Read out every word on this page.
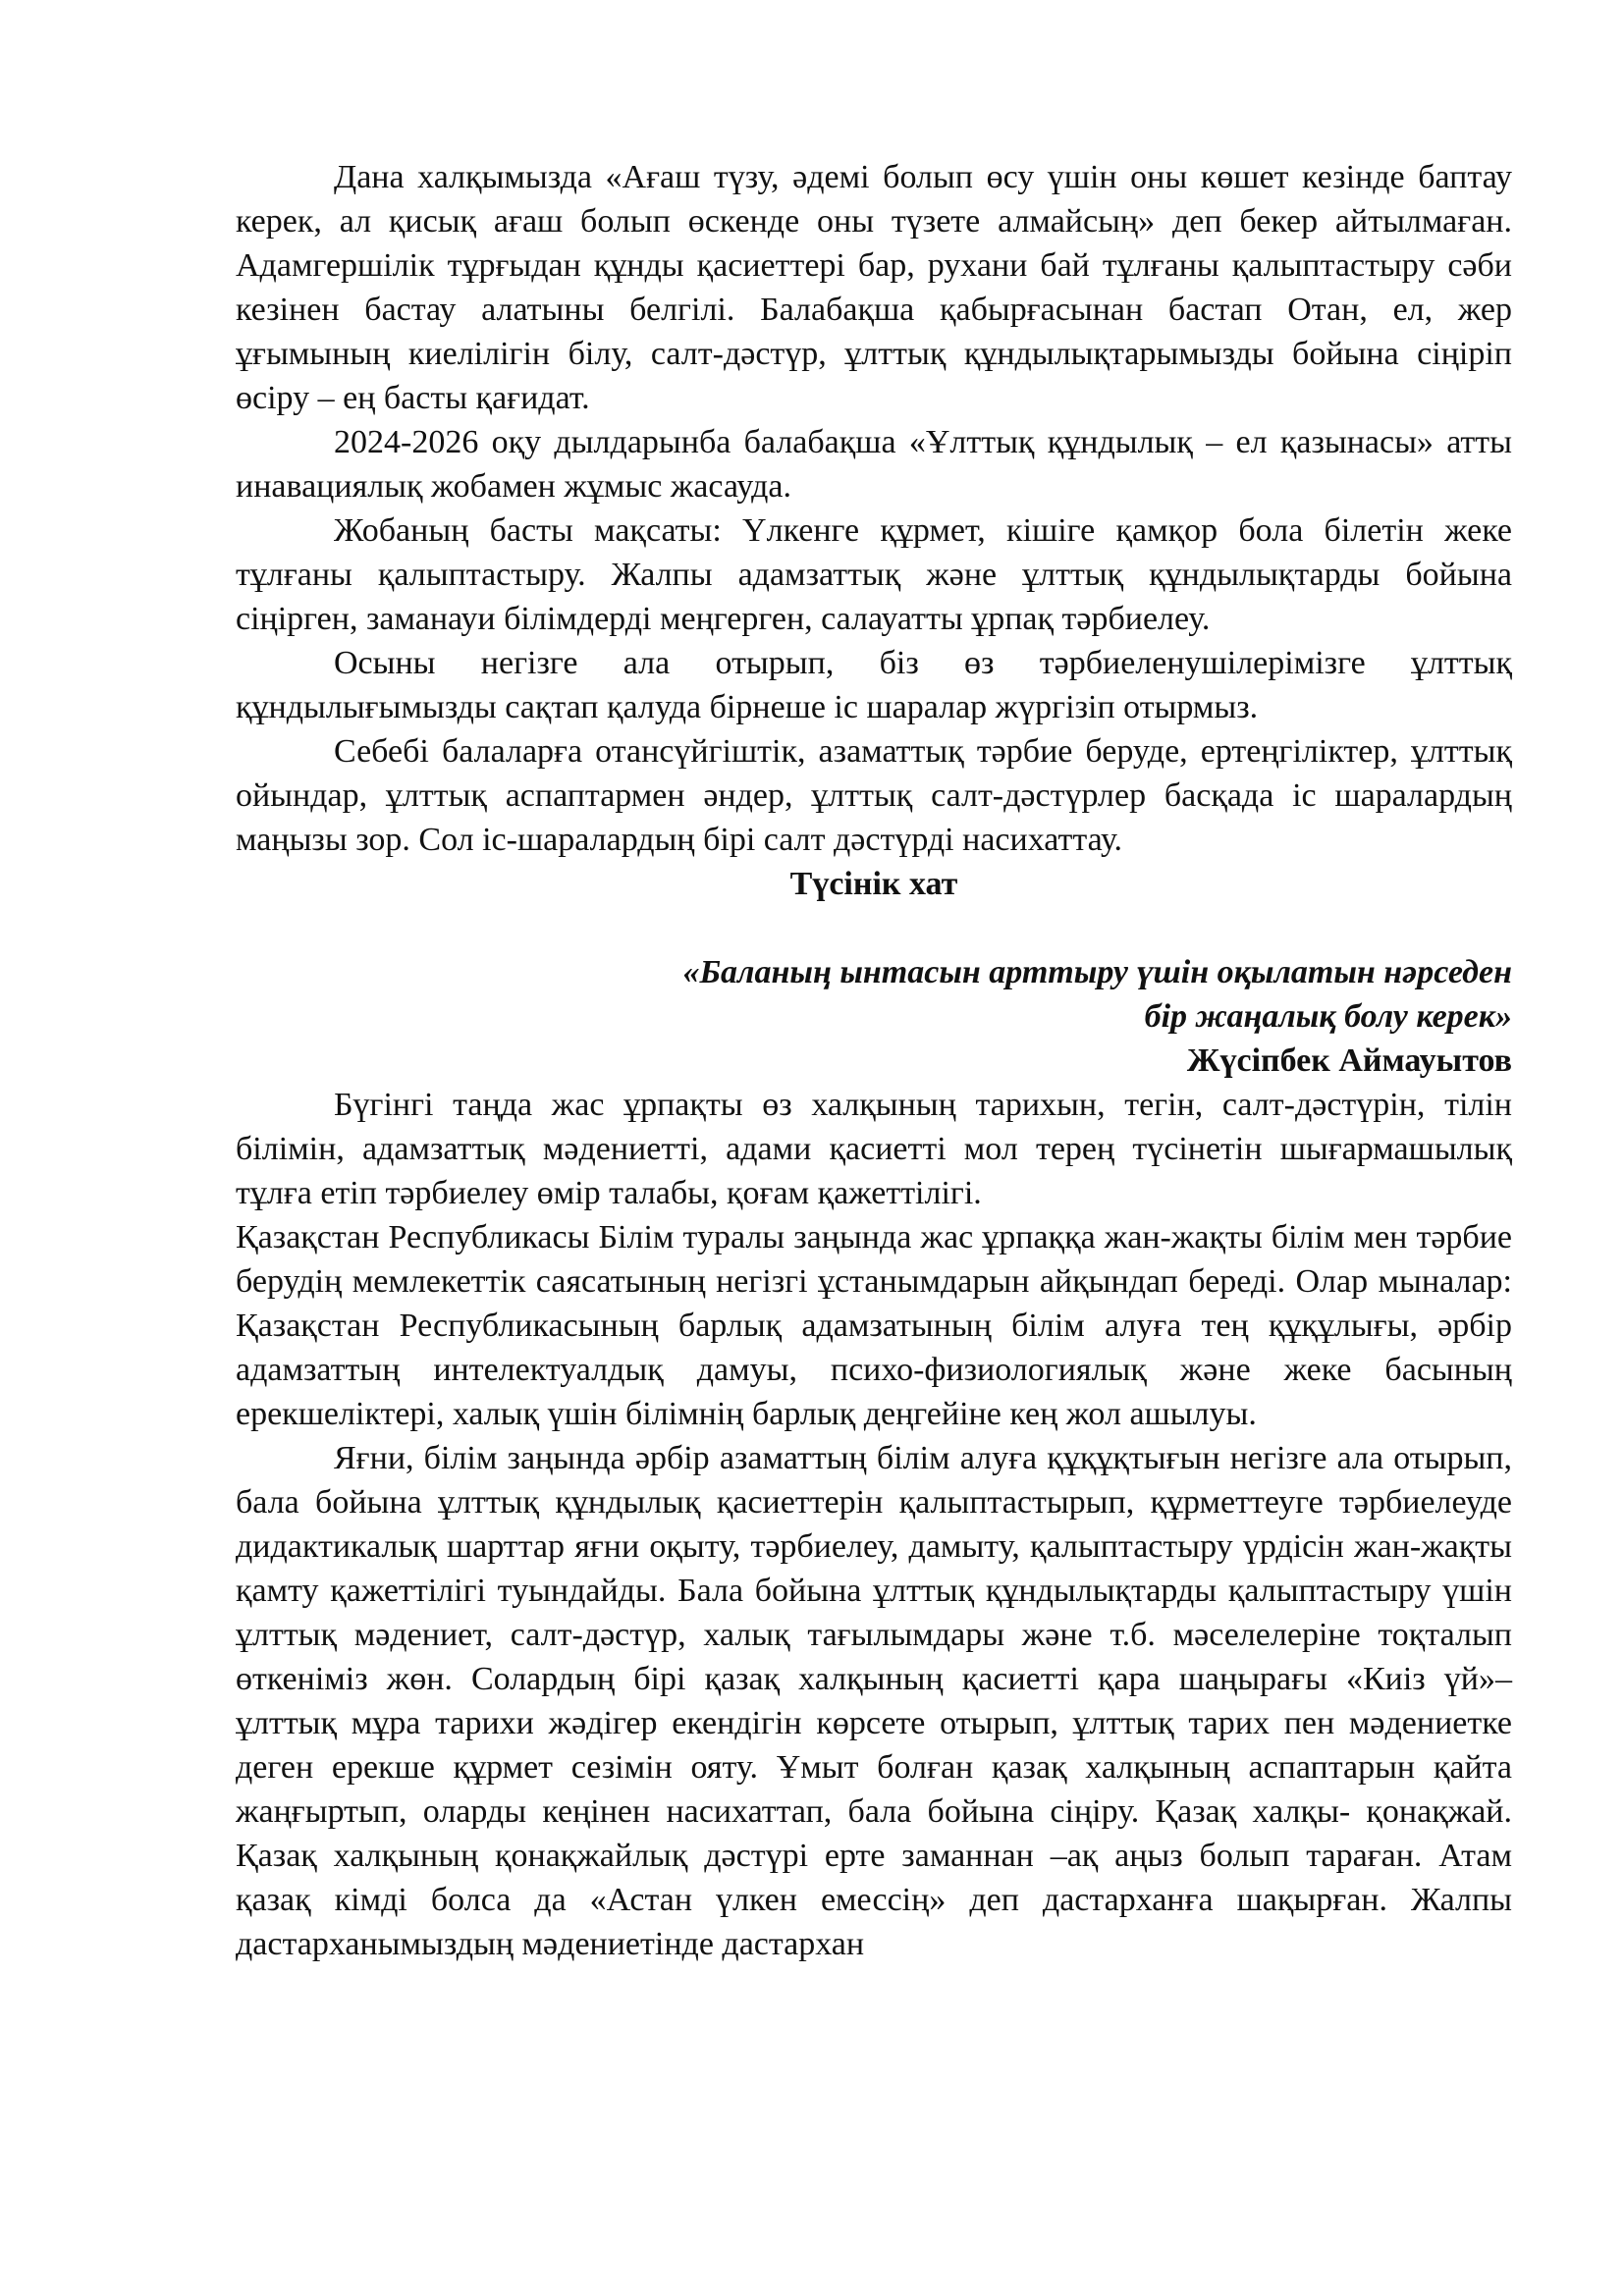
Дана халқымызда «Ағаш түзу, әдемі болып өсу үшін оны көшет кезінде баптау керек, ал қисық ағаш болып өскенде оны түзете алмайсың» деп бекер айтылмаған. Адамгершілік тұрғыдан құнды қасиеттері бар, рухани бай тұлғаны қалыптастыру сәби кезінен бастау алатыны белгілі. Балабақша қабырғасынан бастап Отан, ел, жер ұғымының киелілігін білу, салт-дәстүр, ұлттық құндылықтарымызды бойына сіңіріп өсіру – ең басты қағидат.

2024-2026 оқу дылдарынба балабақша «Ұлттық құндылық – ел қазынасы» атты инавациялық жобамен жұмыс жасауда.

Жобаның басты мақсаты: Үлкенге құрмет, кішіге қамқор бола білетін жеке тұлғаны қалыптастыру. Жалпы адамзаттық және ұлттық құндылықтарды бойына сіңірген, заманауи білімдерді меңгерген, салауатты ұрпақ тәрбиелеу.

Осыны негізге ала отырып, біз өз тәрбиеленушілерімізге ұлттық құндылығымызды сақтап қалуда бірнеше іс шаралар жүргізіп отырмыз.

Себебі балаларға отансүйгіштік, азаматтық тәрбие беруде, ертеңгіліктер, ұлттық ойындар, ұлттық аспаптармен әндер, ұлттық салт-дәстүрлер басқада іс шаралардың маңызы зор. Сол іс-шаралардың бірі салт дәстүрді насихаттау.

Түсінік хат

«Баланың ынтасын арттыру үшін оқылатын нәрседен
бір жаңалық болу керек»

Жүсіпбек Аймауытов

Бүгінгі таңда жас ұрпақты өз халқының тарихын, тегін, салт-дәстүрін, тілін білімін, адамзаттық мәдениетті, адами қасиетті мол терең түсінетін шығармашылық тұлға етіп тәрбиелеу өмір талабы, қоғам қажеттілігі.

Қазақстан Республикасы Білім туралы заңында жас ұрпаққа жан-жақты білім мен тәрбие берудің мемлекеттік саясатының негізгі ұстанымдарын айқындап береді. Олар мыналар: Қазақстан Республикасының барлық адамзатының білім алуға тең құқұлығы, әрбір адамзаттың интелектуалдық дамуы, психо-физиологиялық және жеке басының ерекшеліктері, халық үшін білімнің барлық деңгейіне кең жол ашылуы.

Яғни, білім заңында әрбір азаматтың білім алуға құқұқтығын негізге ала отырып, бала бойына ұлттық құндылық қасиеттерін қалыптастырып, құрметтеуге тәрбиелеуде дидактикалық шарттар яғни оқыту, тәрбиелеу, дамыту, қалыптастыру үрдісін жан-жақты қамту қажеттілігі туындайды. Бала бойына ұлттық құндылықтарды қалыптастыру үшін ұлттық мәдениет, салт-дәстүр, халық тағылымдары және т.б. мәселелеріне тоқталып өткеніміз жөн. Солардың бірі қазақ халқының қасиетті қара шаңырағы «Киіз үй»– ұлттық мұра тарихи жәдігер екендігін көрсете отырып, ұлттық тарих пен мәдениетке деген ерекше құрмет сезімін ояту. Ұмыт болған қазақ халқының аспаптарын қайта жаңғыртып, оларды кеңінен насихаттап, бала бойына сіңіру. Қазақ халқы- қонақжай. Қазақ халқының қонақжайлық дәстүрі ерте заманнан –ақ аңыз болып тараған. Атам қазақ кімді болса да «Астан үлкен емессің» деп дастарханға шақырған. Жалпы дастарханымыздың мәдениетінде дастархан
